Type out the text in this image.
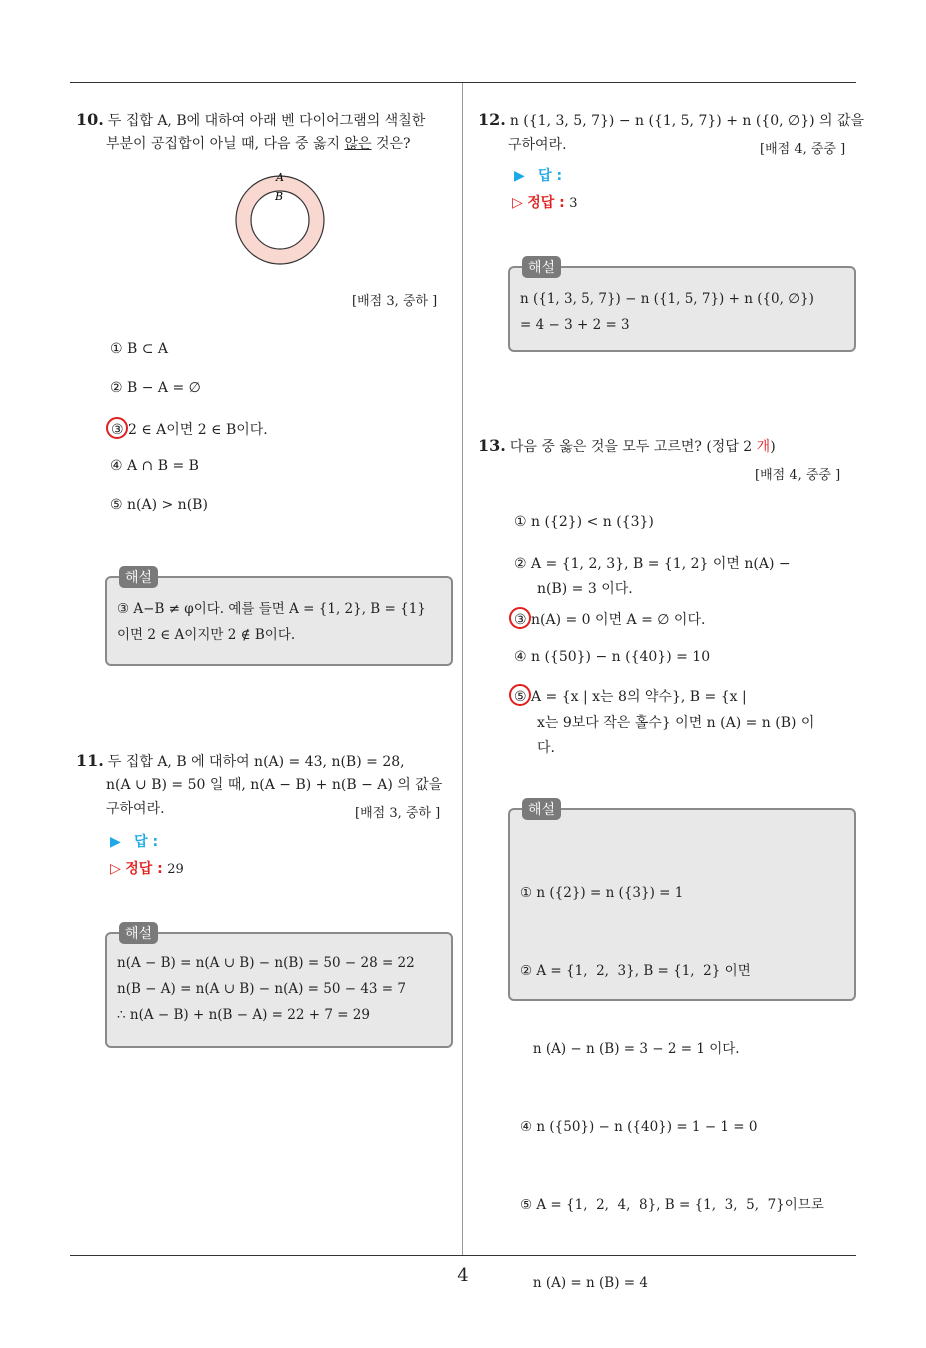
10. 두 집합 A, B에 대하여 아래 벤 다이어그램의 색칠한
부분이 공집합이 아닐 때, 다음 중 옳지 않은 것은?
A
B
[배점 3, 중하 ]
① B ⊂ A
② B − A = ∅
③ 2 ∈ A이면 2 ∈ B이다.
④ A ∩ B = B
⑤ n(A) > n(B)
해설
③ A−B ≠ φ이다. 예를 들면 A = {1, 2}, B = {1}
이면 2 ∈ A이지만 2 ∉ B이다.
11. 두 집합 A, B 에 대하여 n(A) = 43, n(B) = 28,
n(A ∪ B) = 50 일 때, n(A − B) + n(B − A) 의 값을
구하여라.	[배점 3, 중하 ]
▶ 답 :
▷ 정답 : 29
해설
n(A − B) = n(A ∪ B) − n(B) = 50 − 28 = 22
n(B − A) = n(A ∪ B) − n(A) = 50 − 43 = 7
∴ n(A − B) + n(B − A) = 22 + 7 = 29
12. n ({1, 3, 5, 7}) − n ({1, 5, 7}) + n ({0, ∅}) 의 값을
구하여라.	[배점 4, 중중 ]
▶ 답 :
▷ 정답 : 3
해설
n ({1, 3, 5, 7}) − n ({1, 5, 7}) + n ({0, ∅})
= 4 − 3 + 2 = 3
13. 다음 중 옳은 것을 모두 고르면? (정답 2 개)
[배점 4, 중중 ]
① n ({2}) < n ({3})
② A = {1, 2, 3}, B = {1, 2} 이면 n(A) −
n(B) = 3 이다.
③ n(A) = 0 이면 A = ∅ 이다.
④ n ({50}) − n ({40}) = 10
⑤ A = {x | x는 8의 약수}, B = {x |
x는 9보다 작은 홀수} 이면 n (A) = n (B) 이
다.
해설

① n ({2}) = n ({3}) = 1

② A = {1,  2,  3}, B = {1,  2} 이면

n (A) − n (B) = 3 − 2 = 1 이다.

④ n ({50}) − n ({40}) = 1 − 1 = 0

⑤ A = {1,  2,  4,  8}, B = {1,  3,  5,  7}이므로

n (A) = n (B) = 4

4
